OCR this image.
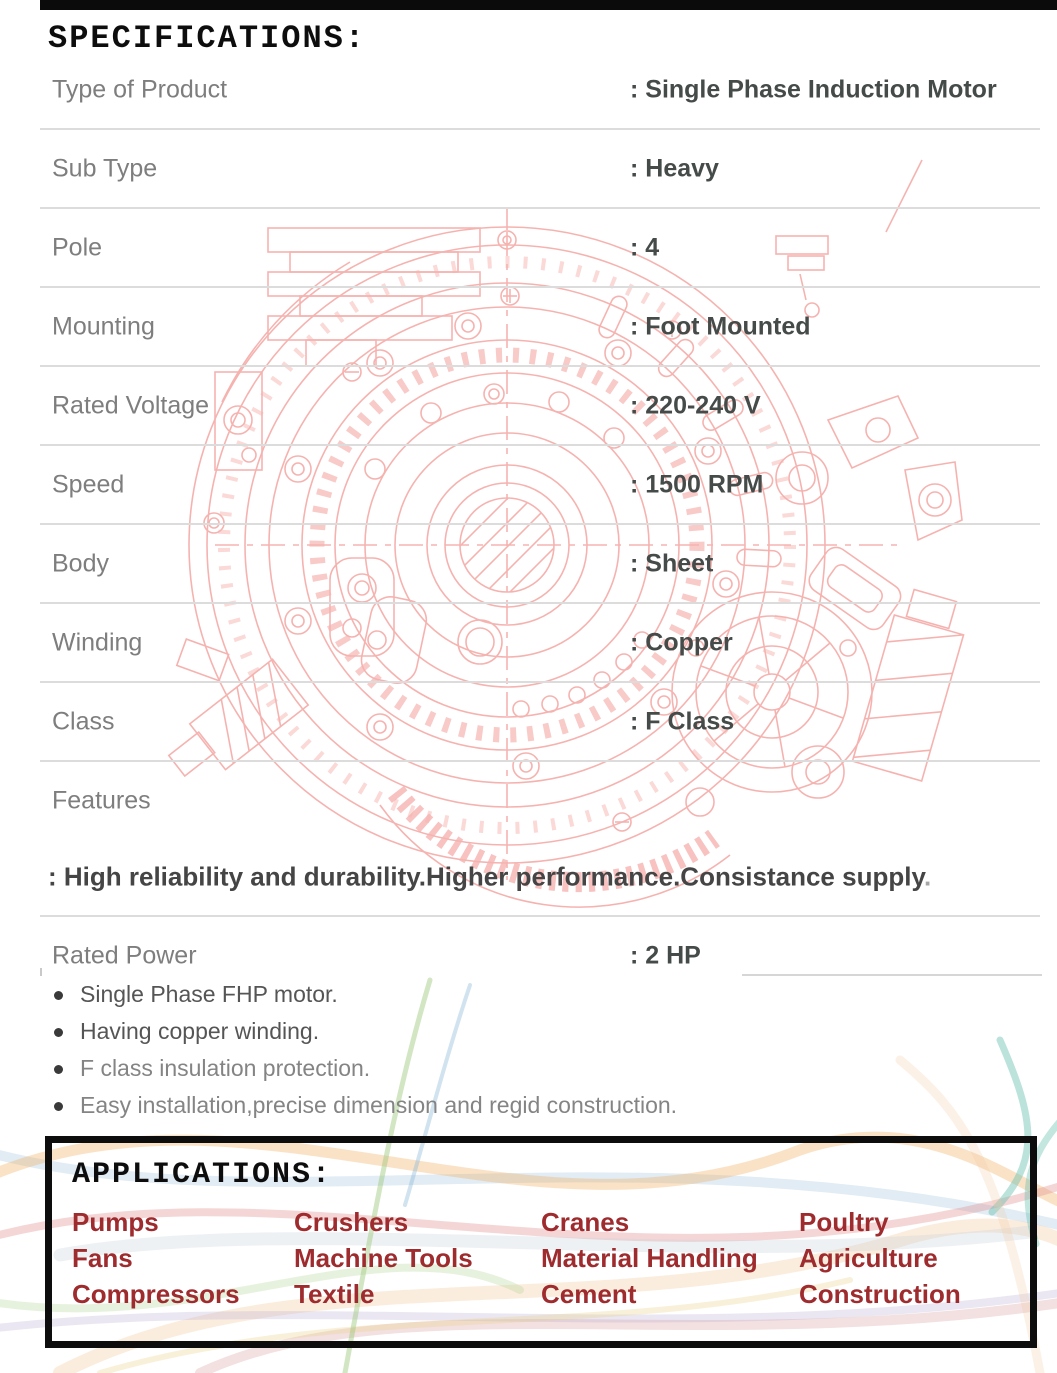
SPECIFICATIONS:
Type of Product	: Single Phase Induction Motor
Sub Type	: Heavy
Pole	: 4
Mounting	: Foot Mounted
Rated Voltage	: 220-240 V
Speed	: 1500 RPM
Body	: Sheet
Winding	: Copper
Class	: F Class
Features
: High reliability and durability.Higher performance.Consistance supply.
Rated Power	: 2 HP
Single Phase FHP motor.
Having copper winding.
F class insulation protection.
Easy installation,precise dimension and regid construction.
APPLICATIONS:
Pumps	Crushers	Cranes	Poultry
Fans	Machine Tools	Material Handling	Agriculture
Compressors	Textile	Cement	Construction
